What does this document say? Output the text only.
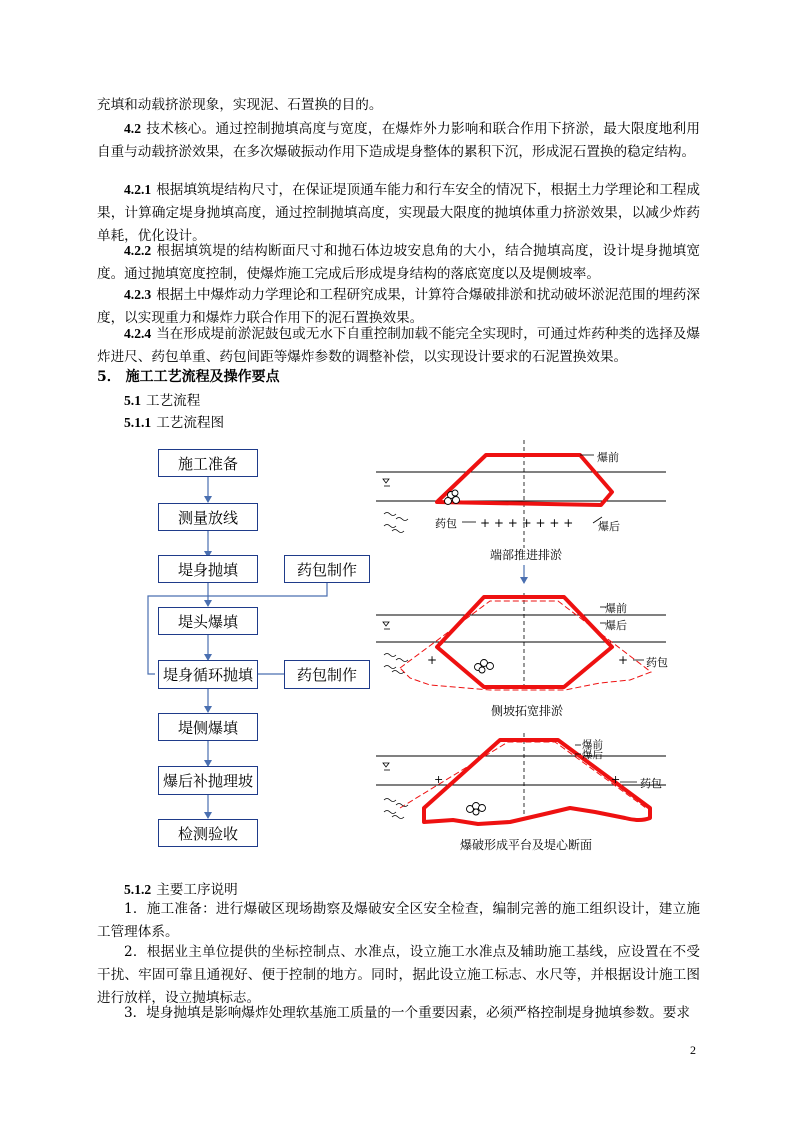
充填和动载挤淤现象，实现泥、石置换的目的。

4.2 技术核心。通过控制抛填高度与宽度，在爆炸外力影响和联合作用下挤淤，最大限度地利用自重与动载挤淤效果，在多次爆破振动作用下造成堤身整体的累积下沉，形成泥石置换的稳定结构。

4.2.1 根据填筑堤结构尺寸，在保证堤顶通车能力和行车安全的情况下，根据土力学理论和工程成果，计算确定堤身抛填高度，通过控制抛填高度，实现最大限度的抛填体重力挤淤效果，以减少炸药单耗，优化设计。

4.2.2 根据填筑堤的结构断面尺寸和抛石体边坡安息角的大小，结合抛填高度，设计堤身抛填宽度。通过抛填宽度控制，使爆炸施工完成后形成堤身结构的落底宽度以及堤侧坡率。

4.2.3 根据土中爆炸动力学理论和工程研究成果，计算符合爆破排淤和扰动破坏淤泥范围的埋药深度，以实现重力和爆炸力联合作用下的泥石置换效果。

4.2.4 当在形成堤前淤泥鼓包或无水下自重控制加载不能完全实现时，可通过炸药种类的选择及爆炸进尺、药包单重、药包间距等爆炸参数的调整补偿，以实现设计要求的石泥置换效果。

5． 施工工艺流程及操作要点

5.1 工艺流程

5.1.1 工艺流程图

施工准备
测量放线
堤身抛填	药包制作
堤头爆填
堤身循环抛填	药包制作
堤侧爆填
爆后补抛理坡
检测验收
+ + + + + + +
+	+
+	+
爆前
爆后
药包
端部推进排淤
爆前
爆后
药包
侧坡拓宽排淤
爆前
爆后
药包
爆破形成平台及堤心断面

5.1.2 主要工序说明

1．施工准备：进行爆破区现场勘察及爆破安全区安全检查，编制完善的施工组织设计，建立施工管理体系。

2．根据业主单位提供的坐标控制点、水准点，设立施工水准点及辅助施工基线，应设置在不受干扰、牢固可靠且通视好、便于控制的地方。同时，据此设立施工标志、水尺等，并根据设计施工图进行放样，设立抛填标志。

3．堤身抛填是影响爆炸处理软基施工质量的一个重要因素，必须严格控制堤身抛填参数。要求

2
